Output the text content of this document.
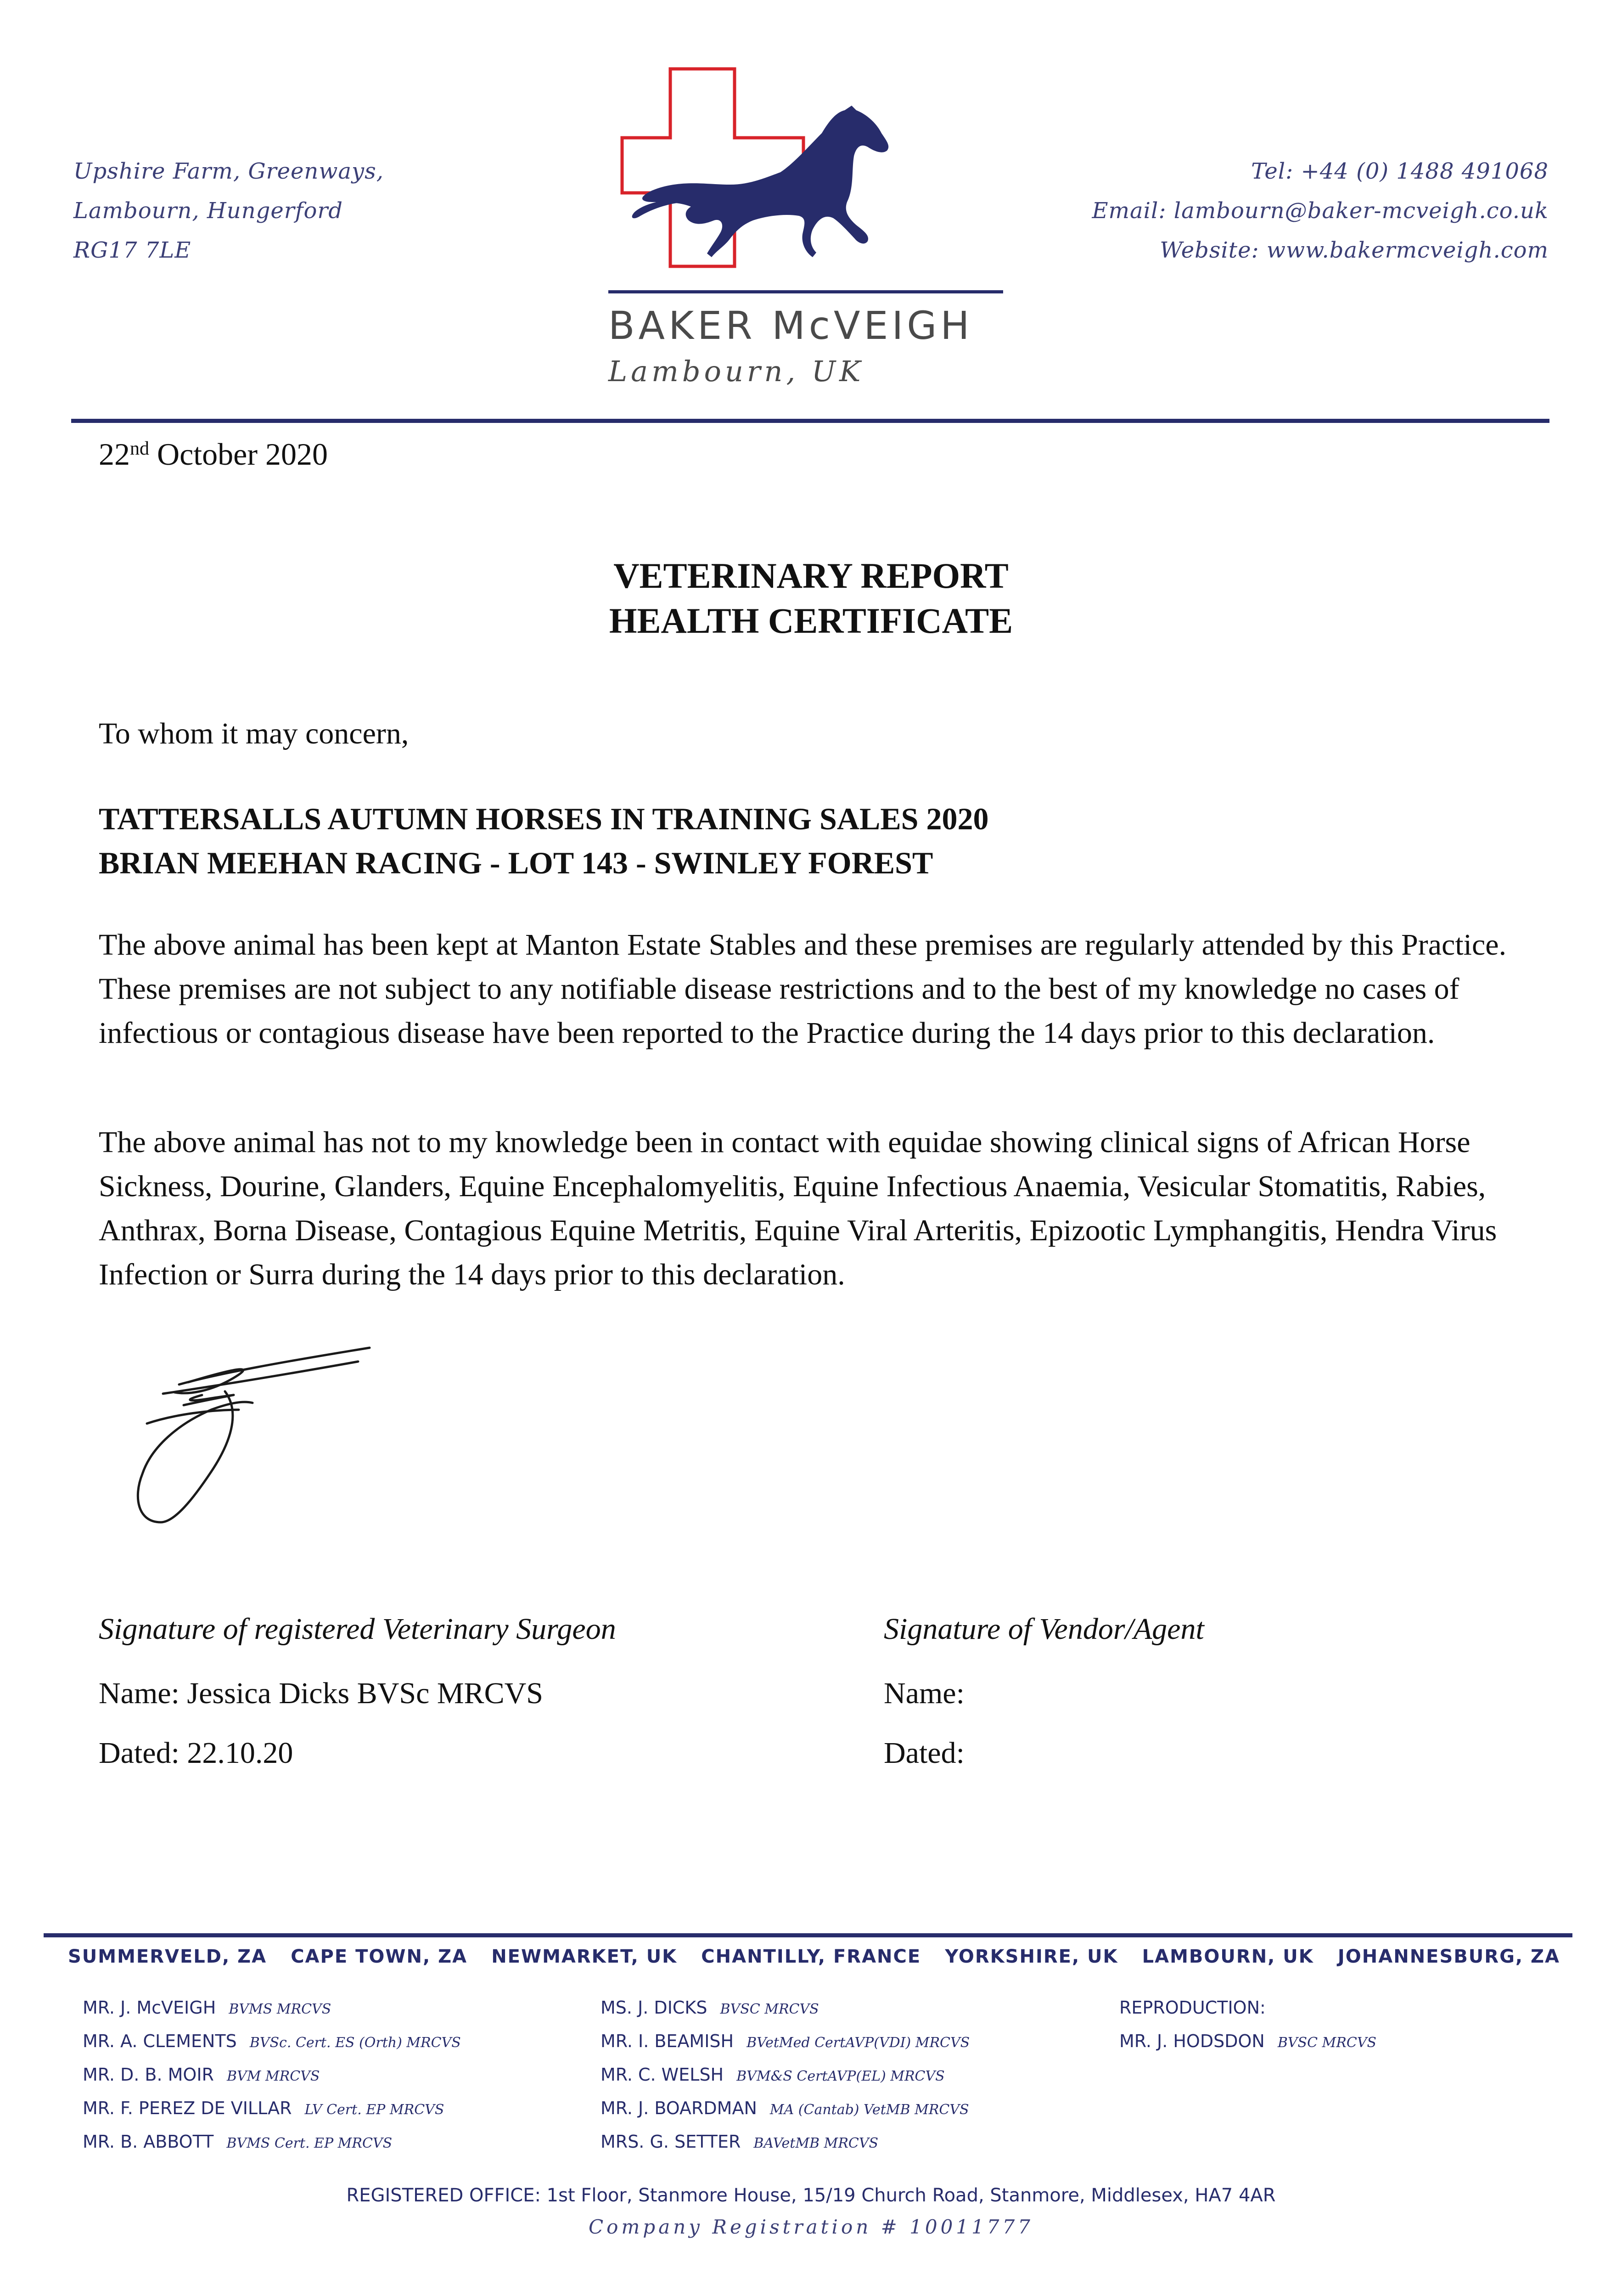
Upshire Farm, Greenways,
Lambourn, Hungerford
RG17 7LE
BAKER McVEIGH
Lambourn, UK
Tel: +44 (0) 1488 491068
Email: lambourn@baker-mcveigh.co.uk
Website: www.bakermcveigh.com
22nd October 2020
VETERINARY REPORT
HEALTH CERTIFICATE
To whom it may concern,
TATTERSALLS AUTUMN HORSES IN TRAINING SALES 2020
BRIAN MEEHAN RACING - LOT 143 - SWINLEY FOREST
The above animal has been kept at Manton Estate Stables and these premises are regularly attended by this Practice. These premises are not subject to any notifiable disease restrictions and to the best of my knowledge no cases of infectious or contagious disease have been reported to the Practice during the 14 days prior to this declaration.
The above animal has not to my knowledge been in contact with equidae showing clinical signs of African Horse Sickness, Dourine, Glanders, Equine Encephalomyelitis, Equine Infectious Anaemia, Vesicular Stomatitis, Rabies, Anthrax, Borna Disease, Contagious Equine Metritis, Equine Viral Arteritis, Epizootic Lymphangitis, Hendra Virus Infection or Surra during the 14 days prior to this declaration.
Signature of registered Veterinary Surgeon	Signature of Vendor/Agent
Name: Jessica Dicks BVSc MRCVS	Name:
Dated: 22.10.20	Dated:
SUMMERVELD, ZA CAPE TOWN, ZA NEWMARKET, UK CHANTILLY, FRANCE YORKSHIRE, UK LAMBOURN, UK JOHANNESBURG, ZA
MR. J. McVEIGH BVMS MRCVS
MR. A. CLEMENTS BVSc. Cert. ES (Orth) MRCVS
MR. D. B. MOIR BVM MRCVS
MR. F. PEREZ DE VILLAR LV Cert. EP MRCVS
MR. B. ABBOTT BVMS Cert. EP MRCVS
MS. J. DICKS BVSC MRCVS
MR. I. BEAMISH BVetMed CertAVP(VDI) MRCVS
MR. C. WELSH BVM&S CertAVP(EL) MRCVS
MR. J. BOARDMAN MA (Cantab) VetMB MRCVS
MRS. G. SETTER BAVetMB MRCVS
REPRODUCTION:
MR. J. HODSDON BVSC MRCVS
REGISTERED OFFICE: 1st Floor, Stanmore House, 15/19 Church Road, Stanmore, Middlesex, HA7 4AR
Company Registration # 10011777
